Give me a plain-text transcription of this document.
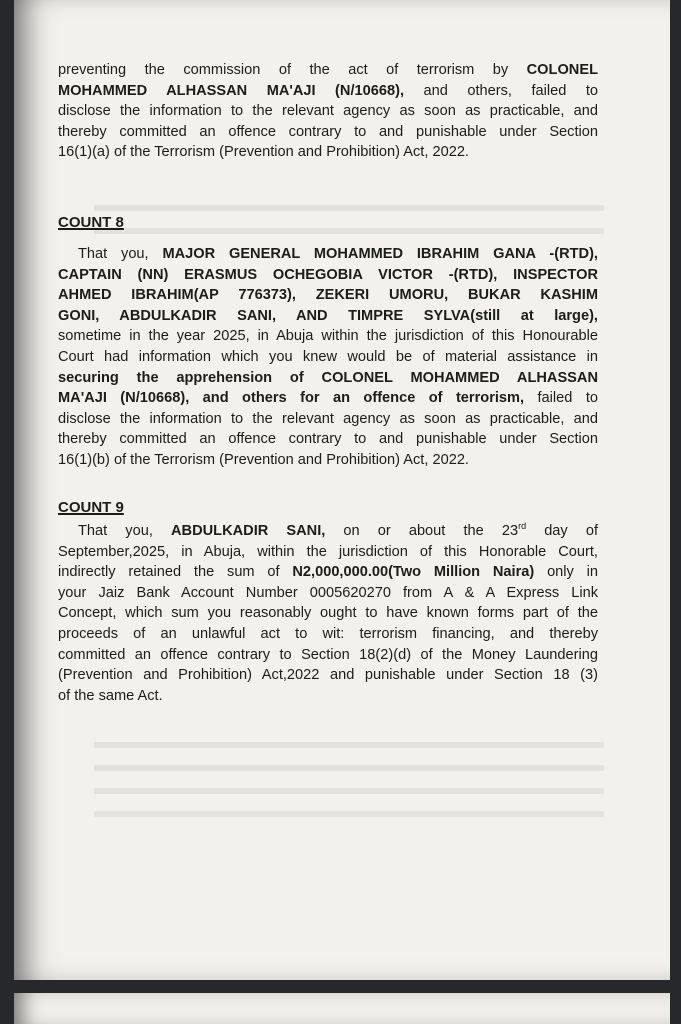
preventing the commission of the act of terrorism by COLONEL
MOHAMMED ALHASSAN MA'AJI (N/10668), and others, failed to
disclose the information to the relevant agency as soon as practicable, and
thereby committed an offence contrary to and punishable under Section
16(1)(a) of the Terrorism (Prevention and Prohibition) Act, 2022.
COUNT 8
That you, MAJOR GENERAL MOHAMMED IBRAHIM GANA -(RTD),
CAPTAIN (NN) ERASMUS OCHEGOBIA VICTOR -(RTD), INSPECTOR
AHMED IBRAHIM(AP 776373), ZEKERI UMORU, BUKAR KASHIM
GONI, ABDULKADIR SANI, AND TIMPRE SYLVA(still at large),
sometime in the year 2025, in Abuja within the jurisdiction of this Honourable
Court had information which you knew would be of material assistance in
securing the apprehension of COLONEL MOHAMMED ALHASSAN
MA'AJI (N/10668), and others for an offence of terrorism, failed to
disclose the information to the relevant agency as soon as practicable, and
thereby committed an offence contrary to and punishable under Section
16(1)(b) of the Terrorism (Prevention and Prohibition) Act, 2022.
COUNT 9
That you, ABDULKADIR SANI, on or about the 23rd day of
September,2025, in Abuja, within the jurisdiction of this Honorable Court,
indirectly retained the sum of N2,000,000.00(Two Million Naira) only in
your Jaiz Bank Account Number 0005620270 from A & A Express Link
Concept, which sum you reasonably ought to have known forms part of the
proceeds of an unlawful act to wit: terrorism financing, and thereby
committed an offence contrary to Section 18(2)(d) of the Money Laundering
(Prevention and Prohibition) Act,2022 and punishable under Section 18 (3)
of the same Act.
